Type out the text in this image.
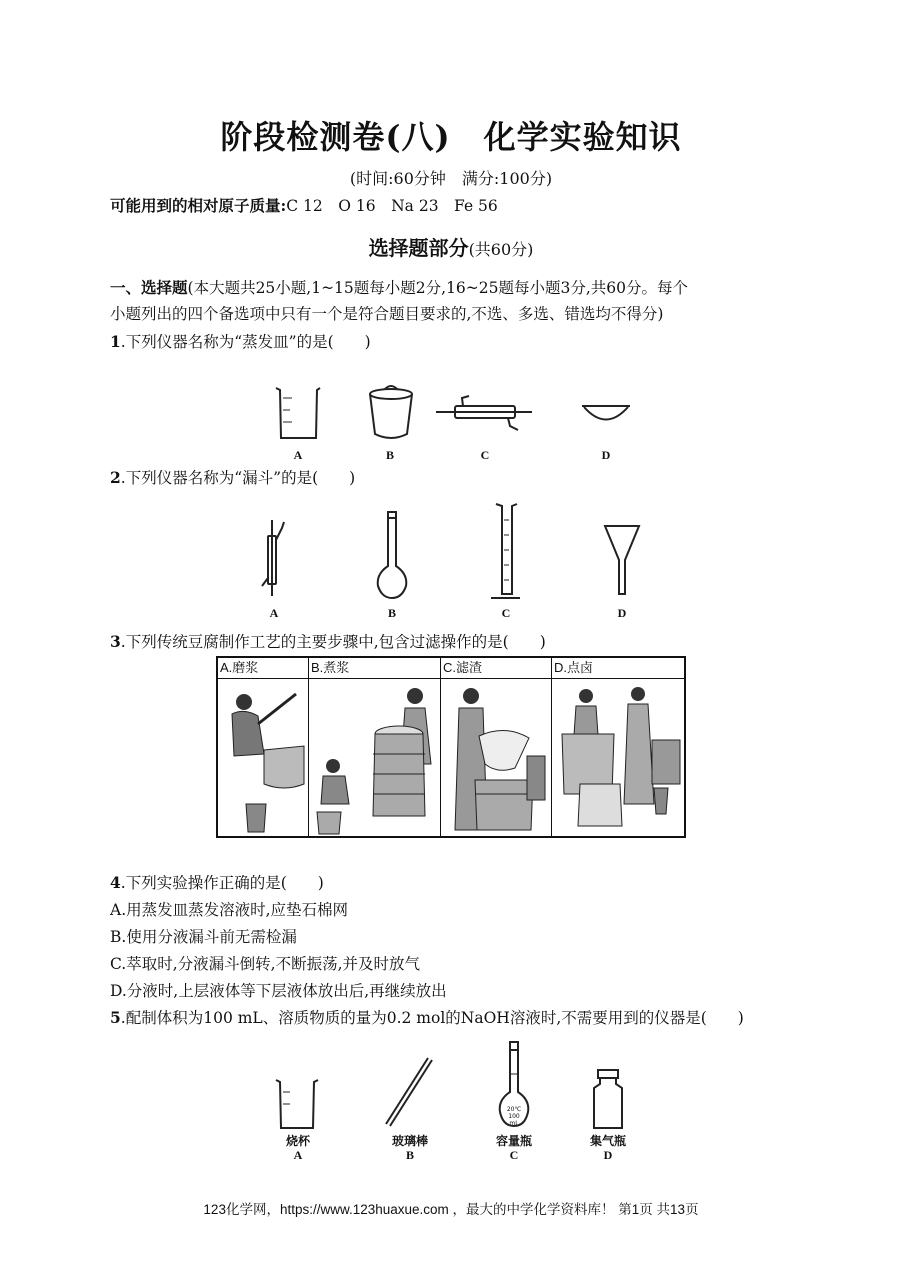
阶段检测卷(八)　化学实验知识
(时间:60分钟　满分:100分)
可能用到的相对原子质量:C 12　O 16　Na 23　Fe 56
选择题部分(共60分)
一、选择题(本大题共25小题,1~15题每小题2分,16~25题每小题3分,共60分。每个
小题列出的四个备选项中只有一个是符合题目要求的,不选、多选、错选均不得分)
1.下列仪器名称为“蒸发皿”的是(　　)
A	B	C	D
2.下列仪器名称为“漏斗”的是(　　)
A	B	C	D
3.下列传统豆腐制作工艺的主要步骤中,包含过滤操作的是(　　)
A.磨浆	B.煮浆	C.滤渣	D.点卤
4.下列实验操作正确的是(　　)
A.用蒸发皿蒸发溶液时,应垫石棉网
B.使用分液漏斗前无需检漏
C.萃取时,分液漏斗倒转,不断振荡,并及时放气
D.分液时,上层液体等下层液体放出后,再继续放出
5.配制体积为100 mL、溶质物质的量为0.2 mol的NaOH溶液时,不需要用到的仪器是(　　)
20℃
100 mL
烧杯	玻璃棒	容量瓶	集气瓶
A	B	C	D
123化学网，https://www.123huaxue.com ，最大的中学化学资料库！ 第1页 共13页
